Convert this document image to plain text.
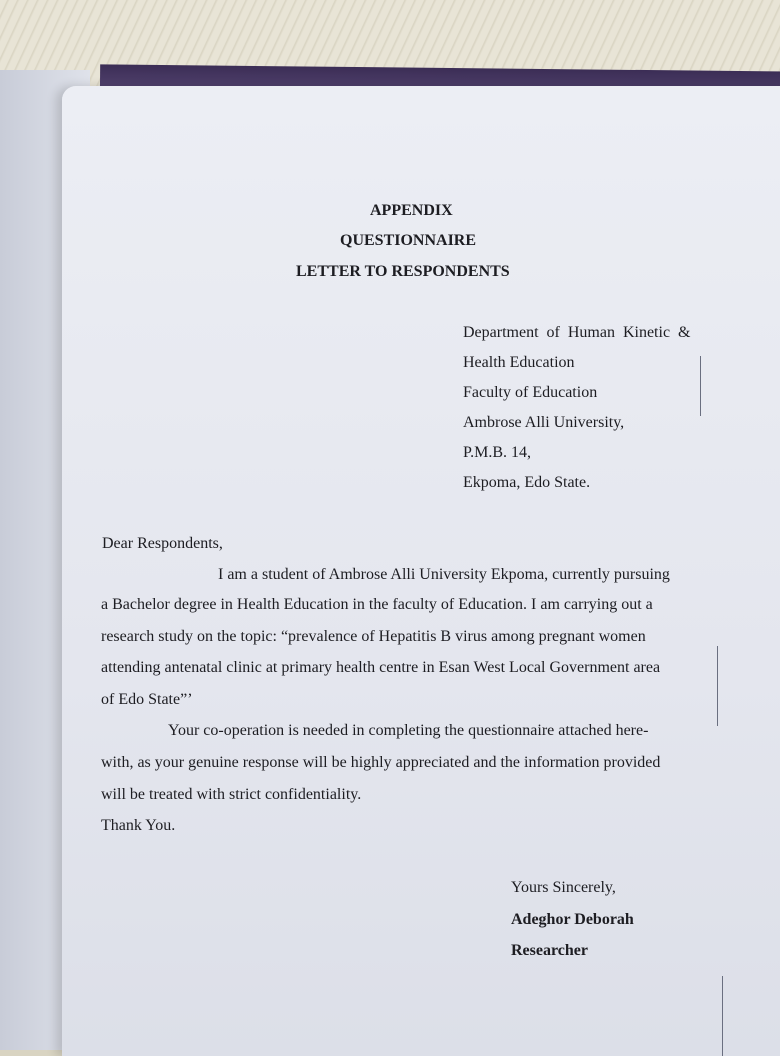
APPENDIX
QUESTIONNAIRE
LETTER TO RESPONDENTS
Department  of  Human  Kinetic  &
Health Education
Faculty of Education
Ambrose Alli University,
P.M.B. 14,
Ekpoma, Edo State.
Dear Respondents,
I am a student of Ambrose Alli University Ekpoma, currently pursuing
a Bachelor degree in Health Education in the faculty of Education. I am carrying out a
research study on the topic: “prevalence of Hepatitis B virus among pregnant women
attending antenatal clinic at primary health centre in Esan West Local Government area
of Edo State”’
Your co-operation is needed in completing the questionnaire attached here-
with, as your genuine response will be highly appreciated and the information provided
will be treated with strict confidentiality.
Thank You.
Yours Sincerely,
Adeghor Deborah
Researcher
